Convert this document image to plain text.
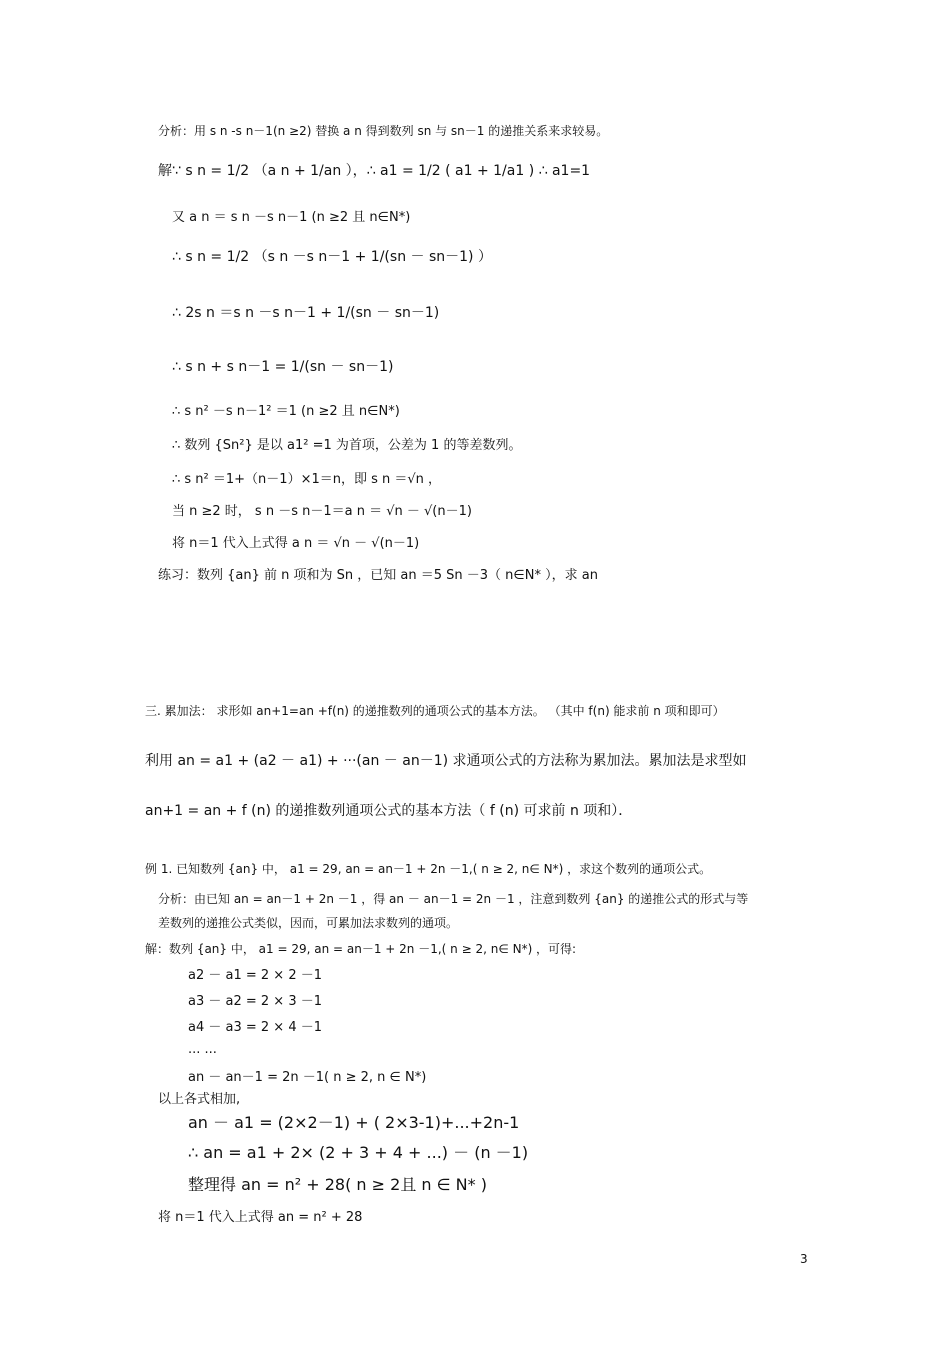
分析：用 s n -s n－1(n ≥2) 替换 a n 得到数列 sn 与 sn－1 的递推关系来求较易。
解∵ s n = 1/2 （a n + 1/an ），∴ a1 = 1/2 ( a1 + 1/a1 ) ∴ a1=1
又 a n ＝ s n －s n－1 (n ≥2 且 n∈N*)
∴ s n = 1/2 （s n －s n－1 + 1/(sn － sn－1) ）
∴ 2s n ＝s n －s n－1 + 1/(sn － sn－1)
∴ s n + s n－1 = 1/(sn － sn－1)
∴ s n² －s n－1² ＝1 (n ≥2 且 n∈N*)
∴ 数列 {Sn²} 是以 a1² =1 为首项，公差为 1 的等差数列。
∴ s n² ＝1+（n－1）×1＝n，即 s n ＝√n ，
当 n ≥2 时， s n －s n－1＝a n ＝ √n － √(n－1)
将 n＝1 代入上式得 a n ＝ √n － √(n－1)
练习：数列 {an} 前 n 项和为 Sn ，已知 an ＝5 Sn －3（ n∈N* ），求 an
三. 累加法： 求形如 an+1=an +f(n) 的递推数列的通项公式的基本方法。 （其中 f(n) 能求前 n 项和即可）
利用 an = a1 + (a2 － a1) + ···(an － an－1) 求通项公式的方法称为累加法。累加法是求型如
an+1 = an + f (n) 的递推数列通项公式的基本方法（ f (n) 可求前 n 项和）．
例 1. 已知数列 {an} 中， a1 = 29, an = an－1 + 2n －1,( n ≥ 2, n∈ N*) ，求这个数列的通项公式。
分析：由已知 an = an－1 + 2n －1 ，得 an － an－1 = 2n －1 ，注意到数列 {an} 的递推公式的形式与等
差数列的递推公式类似，因而，可累加法求数列的通项。
解：数列 {an} 中， a1 = 29, an = an－1 + 2n －1,( n ≥ 2, n∈ N*) ，可得:
a2 － a1 = 2 × 2 －1
a3 － a2 = 2 × 3 －1
a4 － a3 = 2 × 4 －1
... ...
an － an－1 = 2n －1( n ≥ 2, n ∈ N*)
以上各式相加,
an － a1 = (2×2－1) + ( 2×3-1)+...+2n-1
∴ an = a1 + 2× (2 + 3 + 4 + ...) － (n －1)
整理得 an = n² + 28( n ≥ 2且 n ∈ N* )
将 n＝1 代入上式得 an = n² + 28
3
